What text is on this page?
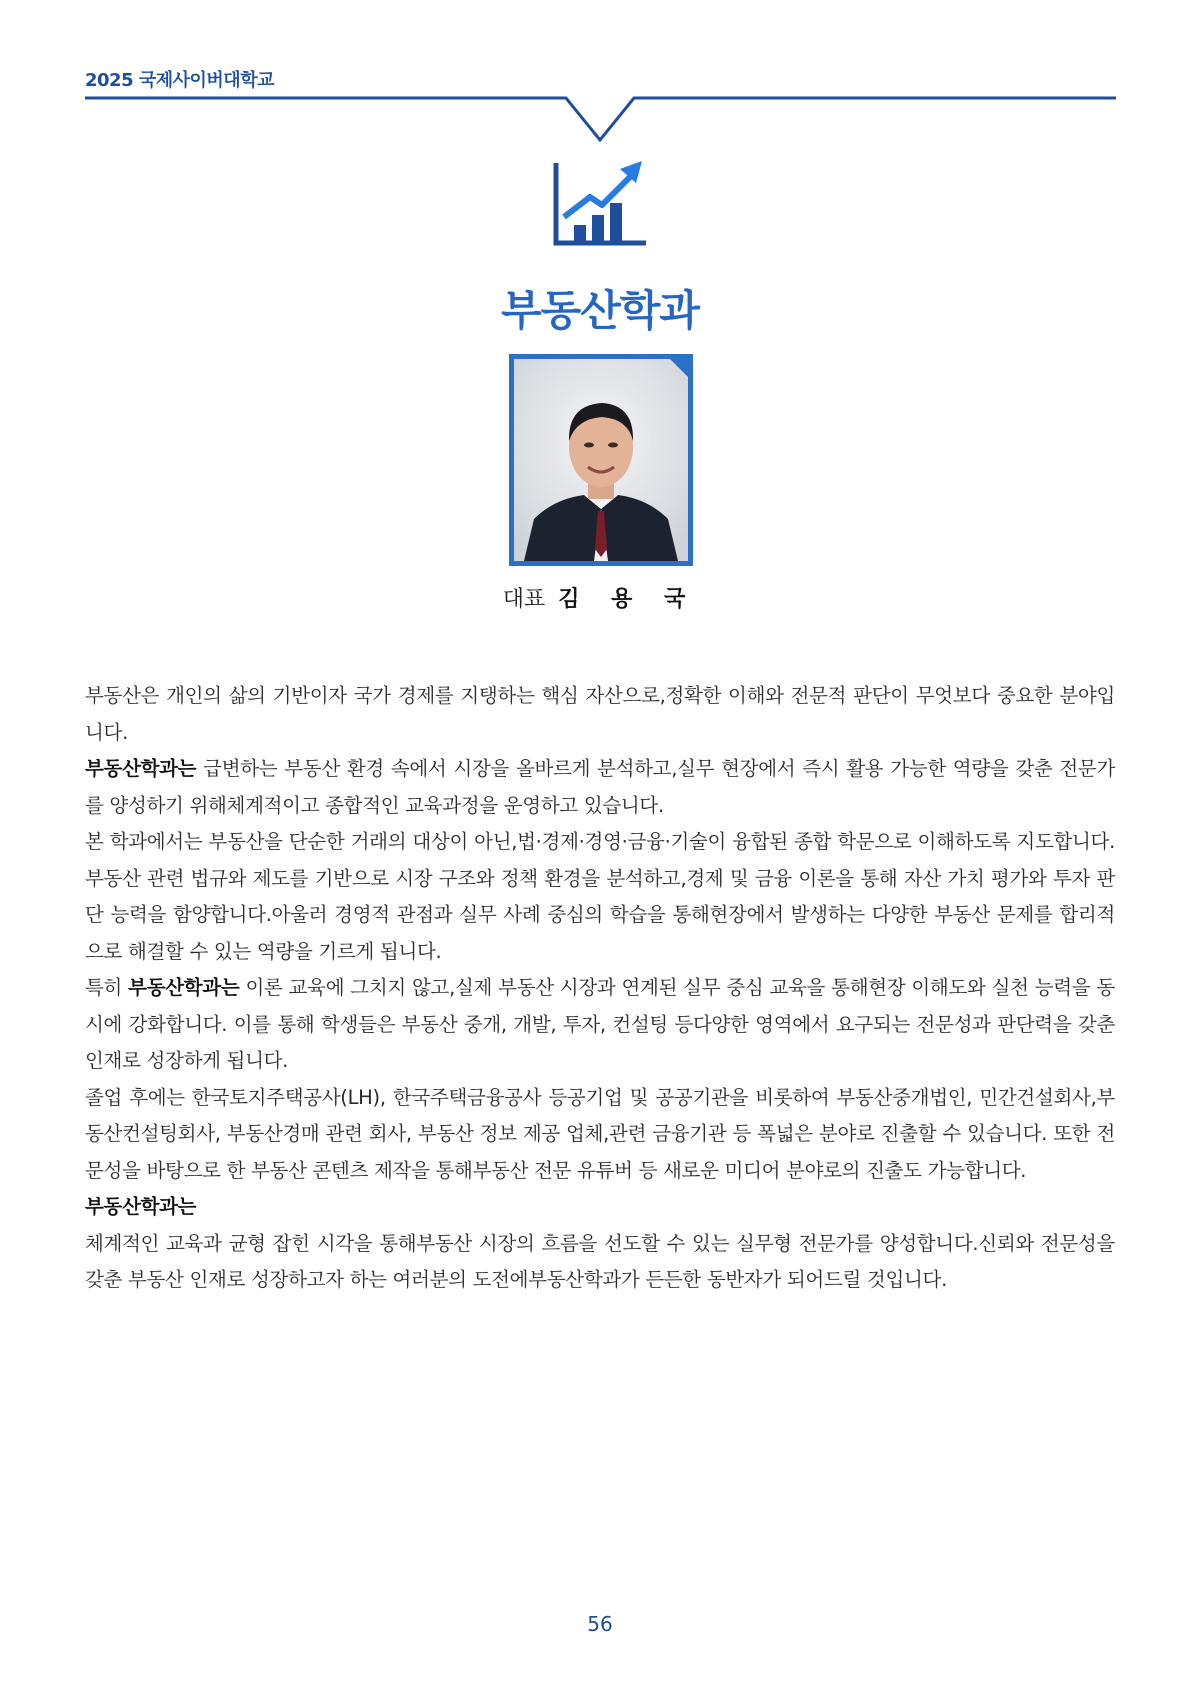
2025 국제사이버대학교
부동산학과
대표 김 용 국

부동산은 개인의 삶의 기반이자 국가 경제를 지탱하는 핵심 자산으로,정확한 이해와 전문적 판단이 무엇보다 중요한 분야입니다.

부동산학과는 급변하는 부동산 환경 속에서 시장을 올바르게 분석하고,실무 현장에서 즉시 활용 가능한 역량을 갖춘 전문가를 양성하기 위해체계적이고 종합적인 교육과정을 운영하고 있습니다.

본 학과에서는 부동산을 단순한 거래의 대상이 아닌,법·경제·경영·금융·기술이 융합된 종합 학문으로 이해하도록 지도합니다.부동산 관련 법규와 제도를 기반으로 시장 구조와 정책 환경을 분석하고,경제 및 금융 이론을 통해 자산 가치 평가와 투자 판단 능력을 함양합니다.아울러 경영적 관점과 실무 사례 중심의 학습을 통해현장에서 발생하는 다양한 부동산 문제를 합리적으로 해결할 수 있는 역량을 기르게 됩니다.

특히 부동산학과는 이론 교육에 그치지 않고,실제 부동산 시장과 연계된 실무 중심 교육을 통해현장 이해도와 실천 능력을 동시에 강화합니다. 이를 통해 학생들은 부동산 중개, 개발, 투자, 컨설팅 등다양한 영역에서 요구되는 전문성과 판단력을 갖춘 인재로 성장하게 됩니다.

졸업 후에는 한국토지주택공사(LH), 한국주택금융공사 등공기업 및 공공기관을 비롯하여 부동산중개법인, 민간건설회사,부동산컨설팅회사, 부동산경매 관련 회사, 부동산 정보 제공 업체,관련 금융기관 등 폭넓은 분야로 진출할 수 있습니다. 또한 전문성을 바탕으로 한 부동산 콘텐츠 제작을 통해부동산 전문 유튜버 등 새로운 미디어 분야로의 진출도 가능합니다.

부동산학과는

체계적인 교육과 균형 잡힌 시각을 통해부동산 시장의 흐름을 선도할 수 있는 실무형 전문가를 양성합니다.신뢰와 전문성을 갖춘 부동산 인재로 성장하고자 하는 여러분의 도전에부동산학과가 든든한 동반자가 되어드릴 것입니다.

56
